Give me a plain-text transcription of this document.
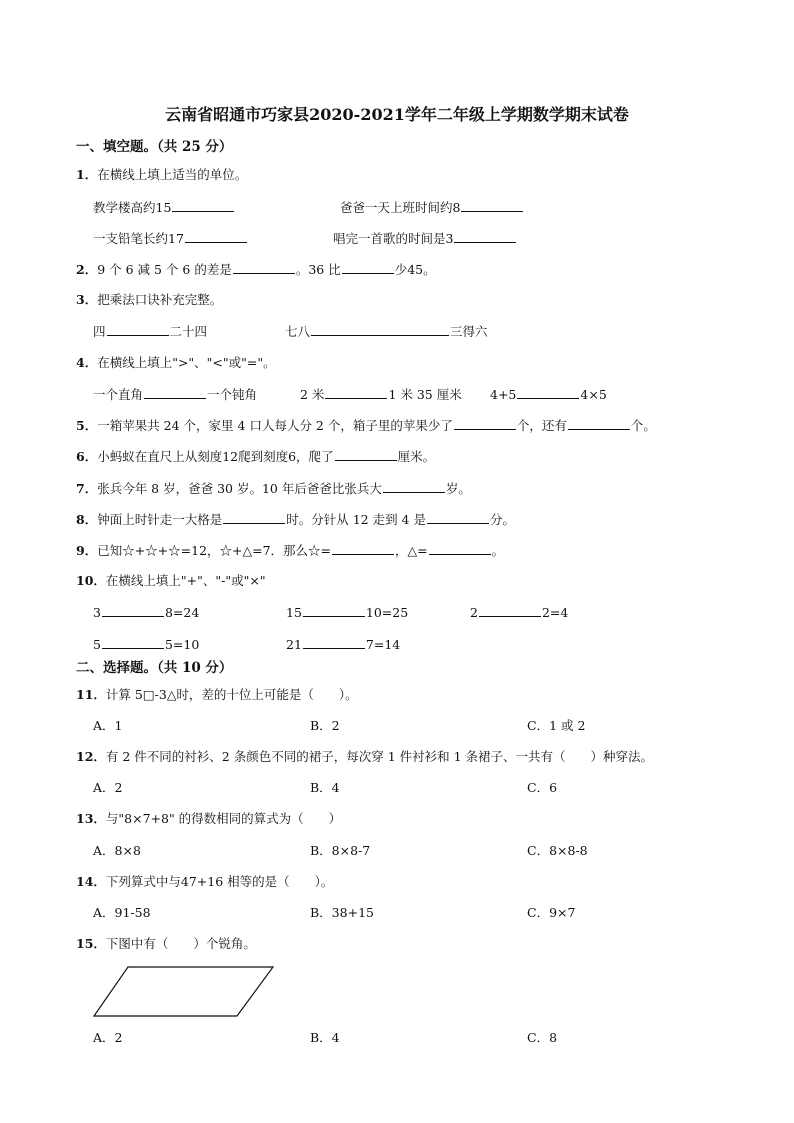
云南省昭通市巧家县2020-2021学年二年级上学期数学期末试卷
一、填空题。（共 25 分）
1．在横线上填上适当的单位。
教学楼高约15	爸爸一天上班时间约8
一支铅笔长约17	唱完一首歌的时间是3
2．9 个 6 减 5 个 6 的差是	。36 比	少45。
3．把乘法口诀补充完整。
四	二十四	七八	三得六
4．在横线上填上">"、"<"或"="。
一个直角	一个钝角	2 米	1 米 35 厘米 4+5	4×5
5．一箱苹果共 24 个，家里 4 口人每人分 2 个，箱子里的苹果少了	个，还有	个。
6．小蚂蚁在直尺上从刻度12爬到刻度6，爬了	厘米。
7．张兵今年 8 岁，爸爸 30 岁。10 年后爸爸比张兵大	岁。
8．钟面上时针走一大格是	时。分针从 12 走到 4 是	分。
9．已知☆+☆+☆=12，☆+△=7．那么☆=	，△=	。
10．在横线上填上"+"、"-"或"×"
3	8=24	15	10=25	2	2=4
5	5=10	21	7=14
二、选择题。（共 10 分）
11．计算 5□-3△时，差的十位上可能是（　　）。
A．1	B．2	C．1 或 2
12．有 2 件不同的衬衫、2 条颜色不同的裙子，每次穿 1 件衬衫和 1 条裙子、一共有（　　）种穿法。
A．2	B．4	C．6
13．与"8×7+8" 的得数相同的算式为（　　）
A．8×8	B．8×8-7	C．8×8-8
14．下列算式中与47+16 相等的是（　　）。
A．91-58	B．38+15	C．9×7
15．下图中有（　　）个锐角。
A．2	B．4	C．8
